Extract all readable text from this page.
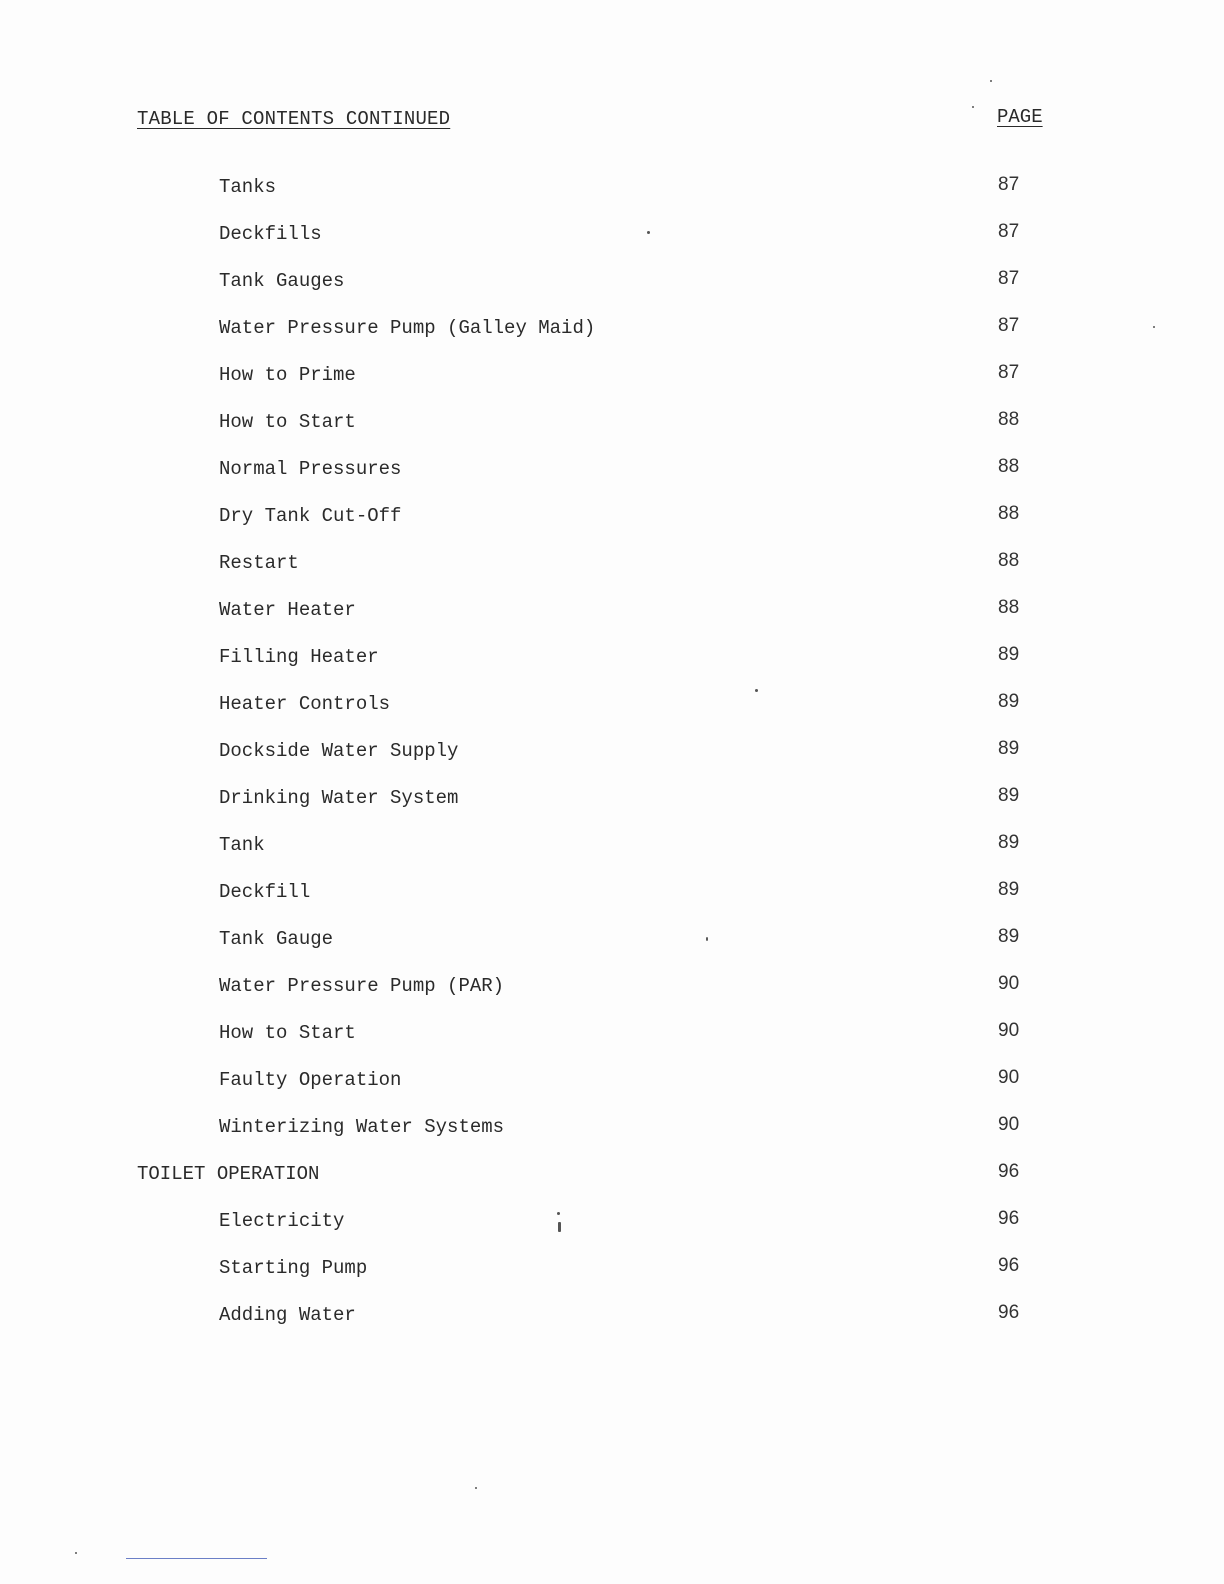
TABLE OF CONTENTS CONTINUED	PAGE
Tanks	87
Deckfills	87
Tank Gauges	87
Water Pressure Pump (Galley Maid)	87
How to Prime	87
How to Start	88
Normal Pressures	88
Dry Tank Cut-Off	88
Restart	88
Water Heater	88
Filling Heater	89
Heater Controls	89
Dockside Water Supply	89
Drinking Water System	89
Tank	89
Deckfill	89
Tank Gauge	89
Water Pressure Pump (PAR)	90
How to Start	90
Faulty Operation	90
Winterizing Water Systems	90
TOILET OPERATION	96
Electricity	96
Starting Pump	96
Adding Water	96
